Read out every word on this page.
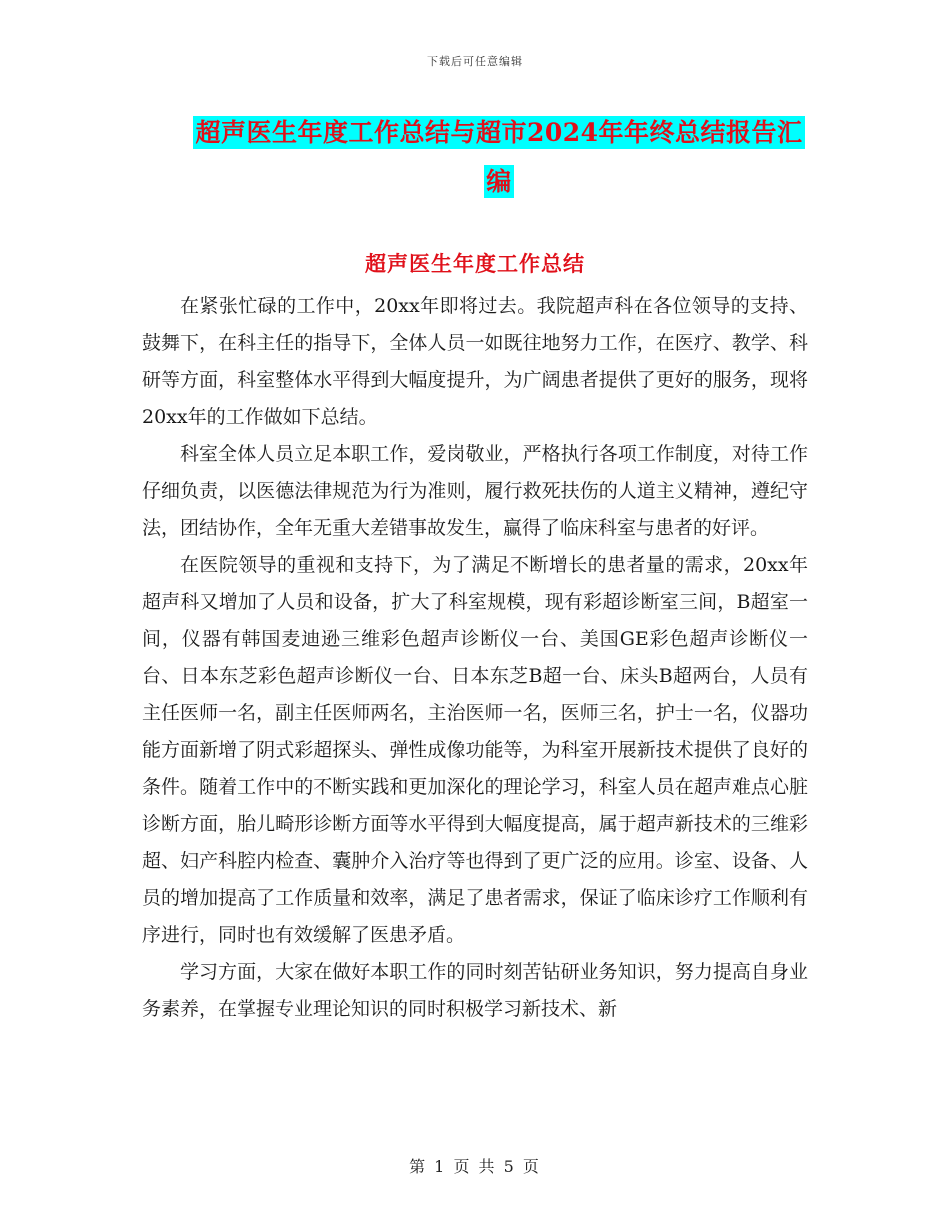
下载后可任意编辑
超声医生年度工作总结与超市2024年年终总结报告汇编
超声医生年度工作总结

在紧张忙碌的工作中，20xx年即将过去。我院超声科在各位领导的支持、鼓舞下，在科主任的指导下，全体人员一如既往地努力工作，在医疗、教学、科研等方面，科室整体水平得到大幅度提升，为广阔患者提供了更好的服务，现将20xx年的工作做如下总结。

科室全体人员立足本职工作，爱岗敬业，严格执行各项工作制度，对待工作仔细负责，以医德法律规范为行为准则，履行救死扶伤的人道主义精神，遵纪守法，团结协作，全年无重大差错事故发生，赢得了临床科室与患者的好评。

在医院领导的重视和支持下，为了满足不断增长的患者量的需求，20xx年超声科又增加了人员和设备，扩大了科室规模，现有彩超诊断室三间，B超室一间，仪器有韩国麦迪逊三维彩色超声诊断仪一台、美国GE彩色超声诊断仪一台、日本东芝彩色超声诊断仪一台、日本东芝B超一台、床头B超两台，人员有主任医师一名，副主任医师两名，主治医师一名，医师三名，护士一名，仪器功能方面新增了阴式彩超探头、弹性成像功能等，为科室开展新技术提供了良好的条件。随着工作中的不断实践和更加深化的理论学习，科室人员在超声难点心脏诊断方面，胎儿畸形诊断方面等水平得到大幅度提高，属于超声新技术的三维彩超、妇产科腔内检查、囊肿介入治疗等也得到了更广泛的应用。诊室、设备、人员的增加提高了工作质量和效率，满足了患者需求，保证了临床诊疗工作顺利有序进行，同时也有效缓解了医患矛盾。

学习方面，大家在做好本职工作的同时刻苦钻研业务知识，努力提高自身业务素养，在掌握专业理论知识的同时积极学习新技术、新

第 1 页 共 5 页
